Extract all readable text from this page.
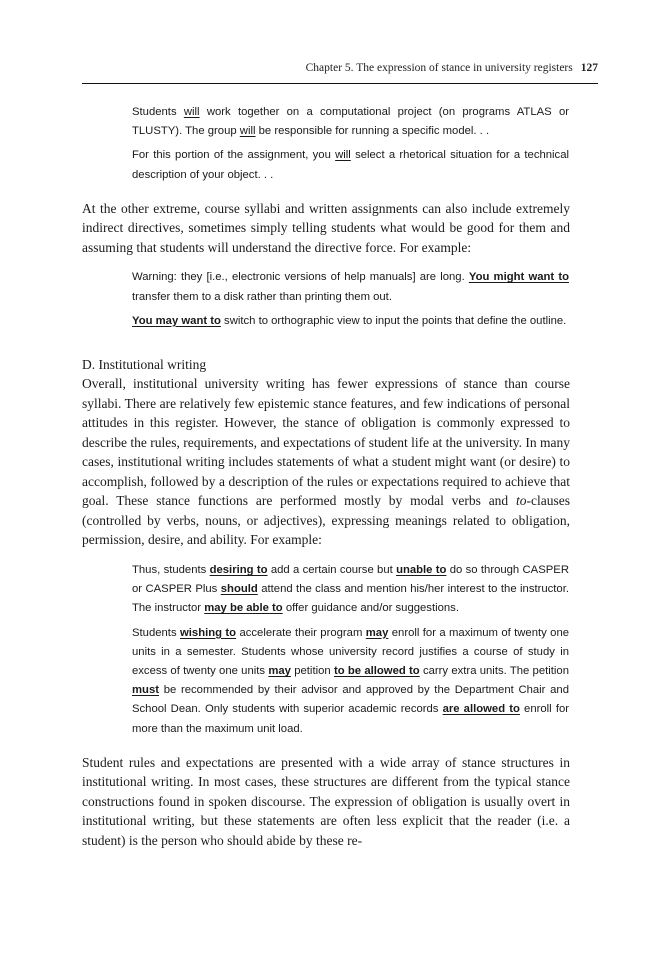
Chapter 5. The expression of stance in university registers 127
Students will work together on a computational project (on programs ATLAS or TLUSTY). The group will be responsible for running a specific model. . .
For this portion of the assignment, you will select a rhetorical situation for a technical description of your object. . .

At the other extreme, course syllabi and written assignments can also include extremely indirect directives, sometimes simply telling students what would be good for them and assuming that students will understand the directive force. For example:

Warning: they [i.e., electronic versions of help manuals] are long. You might want to transfer them to a disk rather than printing them out.
You may want to switch to orthographic view to input the points that define the outline.
D. Institutional writing

Overall, institutional university writing has fewer expressions of stance than course syllabi. There are relatively few epistemic stance features, and few indications of personal attitudes in this register. However, the stance of obligation is commonly expressed to describe the rules, requirements, and expectations of student life at the university. In many cases, institutional writing includes statements of what a student might want (or desire) to accomplish, followed by a description of the rules or expectations required to achieve that goal. These stance functions are performed mostly by modal verbs and to-clauses (controlled by verbs, nouns, or adjectives), expressing meanings related to obligation, permission, desire, and ability. For example:

Thus, students desiring to add a certain course but unable to do so through CASPER or CASPER Plus should attend the class and mention his/her interest to the instructor. The instructor may be able to offer guidance and/or suggestions.
Students wishing to accelerate their program may enroll for a maximum of twenty one units in a semester. Students whose university record justifies a course of study in excess of twenty one units may petition to be allowed to carry extra units. The petition must be recommended by their advisor and approved by the Department Chair and School Dean. Only students with superior academic records are allowed to enroll for more than the maximum unit load.

Student rules and expectations are presented with a wide array of stance structures in institutional writing. In most cases, these structures are different from the typical stance constructions found in spoken discourse. The expression of obligation is usually overt in institutional writing, but these statements are often less explicit that the reader (i.e. a student) is the person who should abide by these re-
